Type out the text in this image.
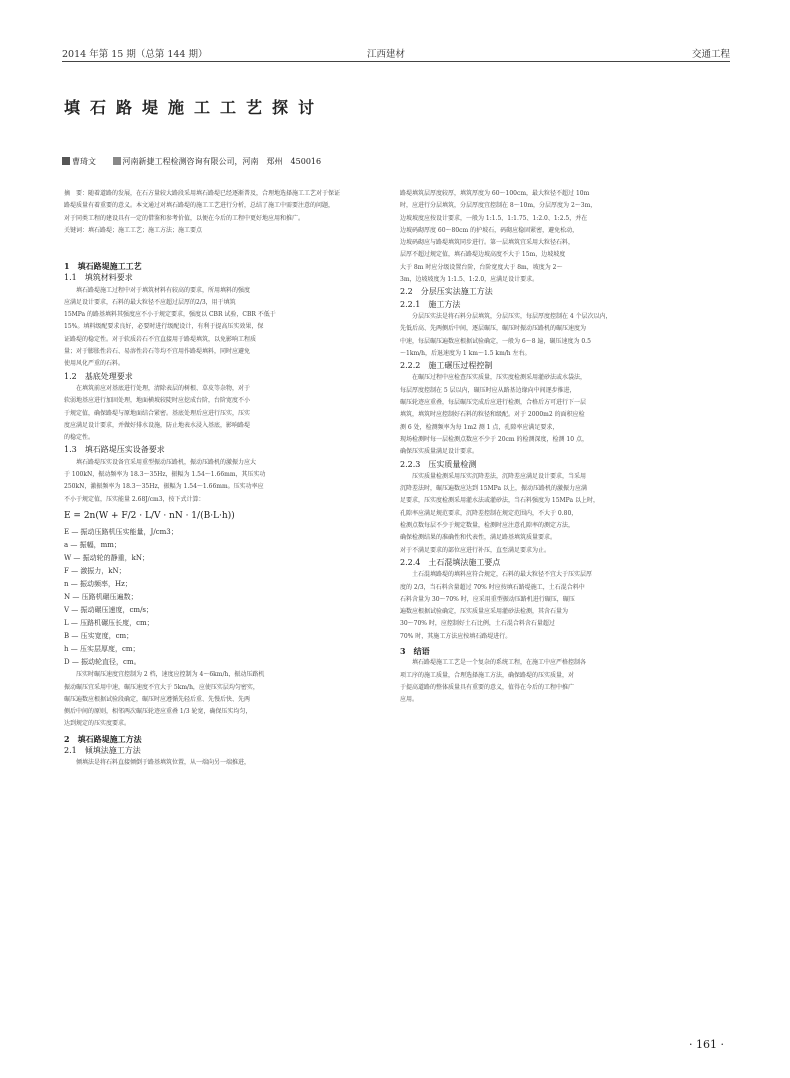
2014 年第 15 期（总第 144 期）	江西建材	交通工程
填石路堤施工工艺探讨
曹琦文	河南新捷工程检测咨询有限公司，河南　郑州　450016
摘　要：随着道路的发展，在石方量较大路段采用填石路堤已经逐渐普及，合理地选择施工工艺对于保证
路堤质量有着重要的意义。本文通过对填石路堤的施工工艺进行分析，总结了施工中需要注意的问题，
对于同类工程的建设具有一定的借鉴和参考价值，以便在今后的工程中更好地应用和推广。
关键词：填石路堤；施工工艺；施工方法；施工要点
1　填石路堤施工工艺
1.1　填筑材料要求
　　填石路堤施工过程中对于填筑材料有较高的要求，所用填料的强度
应满足设计要求，石料的最大粒径不应超过层厚的2/3，用于填筑
15MPa 的路基填料其强度应不小于规定要求，强度以 CBR 试验，CBR 不低于
15%。填料级配要求良好，必要时进行级配设计，有利于提高压实效果，保
证路堤的稳定性。对于软质岩石不宜直接用于路堤填筑，以免影响工程质
量；对于膨胀性岩石、易溶性岩石等均不宜用作路堤填料，同时应避免
使用风化严重的石料。
1.2　基底处理要求
　　在填筑前应对基底进行处理，清除表层的树根、草皮等杂物，对于
软弱地基应进行加固处理，地面横坡较陡时应挖成台阶，台阶宽度不小
于规定值，确保路堤与原地面结合紧密。基底处理后应进行压实，压实
度应满足设计要求，并做好排水设施，防止地表水浸入基底，影响路堤
的稳定性。
1.3　填石路堤压实设备要求
　　填石路堤压实设备宜采用重型振动压路机，振动压路机的激振力应大
于 100kN，振动频率为 18.3～35Hz，振幅为 1.54～1.66mm，其压实功
250kN，激振频率为 18.3～35Hz，振幅为 1.54～1.66mm。压实功率应
不小于规定值，压实能量 2.68J/cm3，按下式计算：
E = 2n(W + F/2 · L/V · nN · 1/(B·L·h))
E — 振动压路机压实能量，J/cm3；
a — 振幅，mm；
W — 振动轮的静重，kN；
F — 激振力，kN；
n — 振动频率，Hz；
N — 压路机碾压遍数；
V — 振动碾压速度，cm/s；
L — 压路机碾压长度，cm；
B — 压实宽度，cm；
h — 压实层厚度，cm；
D — 振动轮直径，cm。
　　压实时碾压速度宜控制为 2 档，速度应控制为 4～6km/h，振动压路机
振动碾压宜采用中速，碾压速度不宜大于 5km/h，应使压实层均匀密实，
碾压遍数应根据试验段确定，碾压时应遵循先轻后重、先慢后快、先两
侧后中间的原则，相邻两次碾压轮迹应重叠 1/3 轮宽，确保压实均匀，
达到规定的压实度要求。
2　填石路堤施工方法
2.1　倾填法施工方法
　　倾填法是将石料直接倾倒于路基填筑位置，从一端向另一端推进，
路堤填筑层厚度较厚，填筑厚度为 60～100cm，最大粒径不超过 10m
时，应进行分层填筑，分层厚度宜控制在 8～10m，分层厚度为 2～3m，
边坡坡度应按设计要求，一般为 1:1.5、1:1.75、1:2.0、1:2.5，并在
边坡码砌厚度 60～80cm 的护坡石，码砌应稳固紧密，避免松动，
边坡码砌应与路堤填筑同步进行。第一层填筑宜采用大粒径石料，
层厚不超过规定值，填石路堤边坡高度不大于 15m，边坡坡度
大于 8m 时应分级设置台阶，台阶宽度大于 8m，坡度为 2～
3m，边坡坡度为 1:1.5、1:2.0，应满足设计要求。
2.2　分层压实法施工方法
2.2.1　施工方法
　　分层压实法是将石料分层填筑，分层压实，每层厚度控制在 4 个层次以内，
先低后高、先两侧后中间，逐层碾压，碾压时振动压路机的碾压速度为
中速，每层碾压遍数应根据试验确定，一般为 6～8 遍，碾压速度为 0.5
～1km/h，后退速度为 1 km～1.5 km/h 左右。
2.2.2　施工碾压过程控制
　　在碾压过程中应检查压实质量，压实度检测采用灌砂法或水袋法，
每层厚度控制在 5 层以内，碾压时应从路基边缘向中间逐步推进，
碾压轮迹应重叠，每层碾压完成后应进行检测，合格后方可进行下一层
填筑，填筑时应控制好石料的粒径和级配。对于 2000m2 的面积应检
测 6 处，检测频率为每 1m2 测 1 点，孔隙率应满足要求，
现场检测时每一层检测点数应不少于 20cm 的检测深度，检测 10 点，
确保压实质量满足设计要求。
2.2.3　压实质量检测
　　压实质量检测采用压实沉降差法，沉降差应满足设计要求，当采用
沉降差法时，碾压遍数应达到 15MPa 以上，振动压路机的激振力应满
足要求，压实度检测采用灌水法或灌砂法，当石料强度为 15MPa 以上时，
孔隙率应满足规范要求，沉降差控制在规定范围内，不大于 0.80，
检测点数每层不少于规定数量，检测时应注意孔隙率的测定方法，
确保检测结果的准确性和代表性，满足路基填筑质量要求。
对于不满足要求的部位应进行补压，直至满足要求为止。
2.2.4　土石混填法施工要点
　　土石混填路堤的填料应符合规定，石料的最大粒径不宜大于压实层厚
度的 2/3，当石料含量超过 70% 时应按填石路堤施工，土石混合料中
石料含量为 30～70% 时，应采用重型振动压路机进行碾压，碾压
遍数应根据试验确定，压实质量应采用灌砂法检测，其含石量为
30～70% 时，应控制好土石比例，土石混合料含石量超过
70% 时，其施工方法应按填石路堤进行。
3　结语
　　填石路堤施工工艺是一个复杂的系统工程，在施工中应严格控制各
项工序的施工质量，合理选择施工方法，确保路堤的压实质量，对
于提高道路的整体质量具有重要的意义，值得在今后的工程中推广
应用。
· 161 ·
